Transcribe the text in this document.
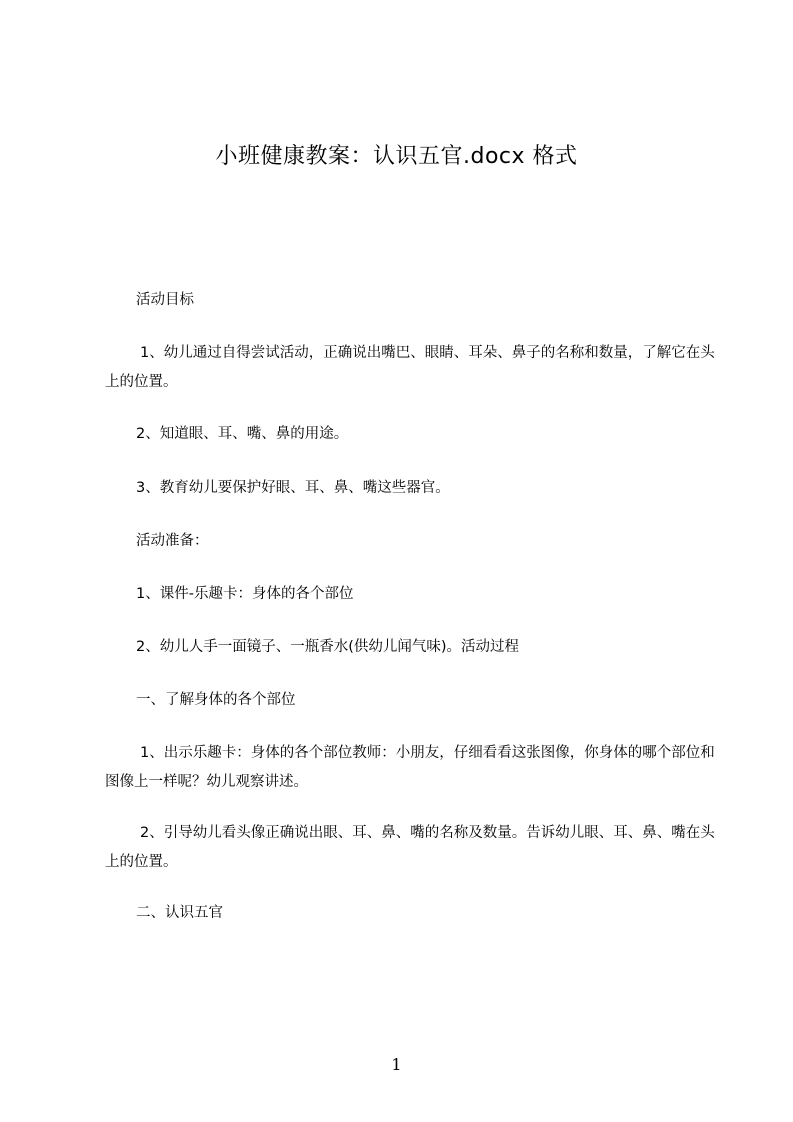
小班健康教案：认识五官.docx 格式
活动目标
1、幼儿通过自得尝试活动，正确说出嘴巴、眼睛、耳朵、鼻子的名称和数量，了解它在头上的位置。
2、知道眼、耳、嘴、鼻的用途。
3、教育幼儿要保护好眼、耳、鼻、嘴这些器官。
活动准备：
1、课件-乐趣卡：身体的各个部位
2、幼儿人手一面镜子、一瓶香水(供幼儿闻气味)。活动过程
一、了解身体的各个部位
1、出示乐趣卡：身体的各个部位教师：小朋友，仔细看看这张图像，你身体的哪个部位和图像上一样呢？幼儿观察讲述。
2、引导幼儿看头像正确说出眼、耳、鼻、嘴的名称及数量。告诉幼儿眼、耳、鼻、嘴在头上的位置。
二、认识五官
1
